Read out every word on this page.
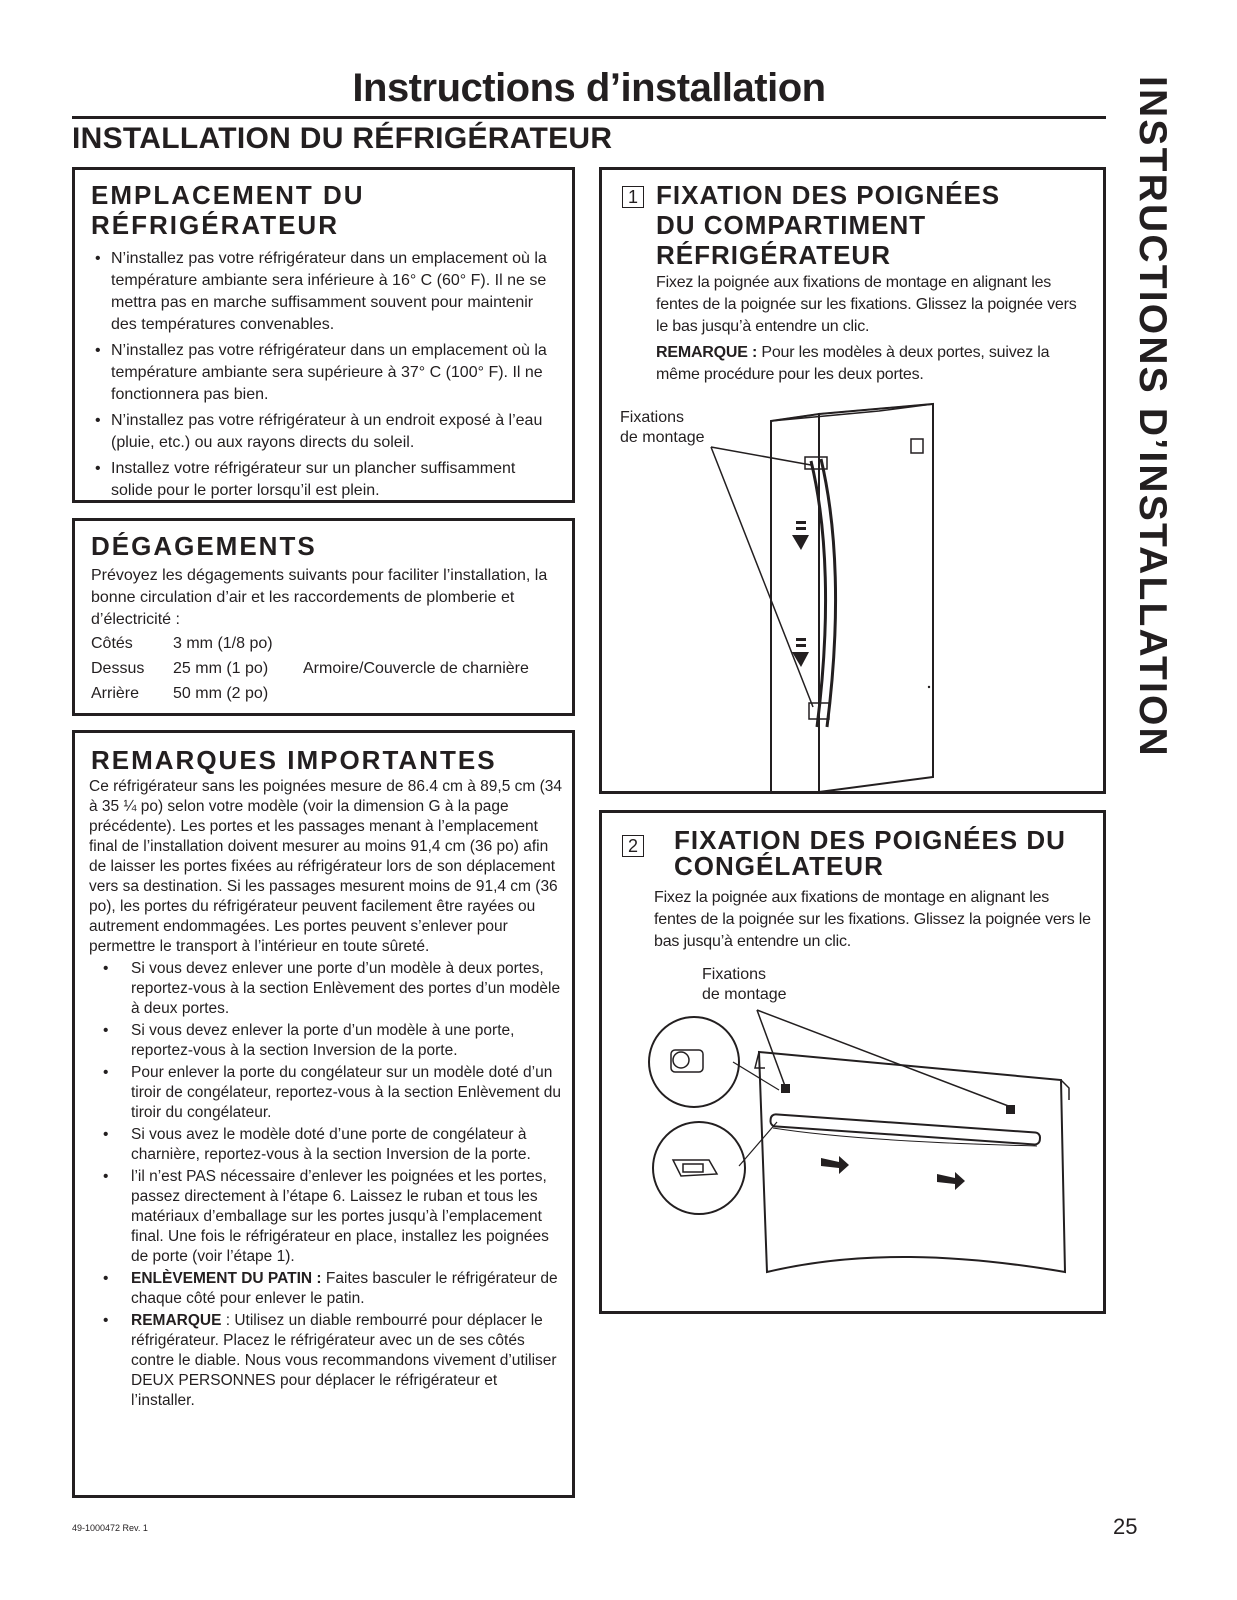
Instructions d’installation
INSTALLATION DU RÉFRIGÉRATEUR	INSTRUCTIONS D’INSTALLATION
EMPLACEMENT DU
RÉFRIGÉRATEUR
• N’installez pas votre réfrigérateur dans un emplacement où la température ambiante sera inférieure à 16° C (60° F). Il ne se mettra pas en marche suffisamment souvent pour maintenir des températures convenables.
• N’installez pas votre réfrigérateur dans un emplacement où la température ambiante sera supérieure à 37° C (100° F). Il ne fonctionnera pas bien.
• N’installez pas votre réfrigérateur à un endroit exposé à l’eau (pluie, etc.) ou aux rayons directs du soleil.
• Installez votre réfrigérateur sur un plancher suffisamment solide pour le porter lorsqu’il est plein.
DÉGAGEMENTS
Prévoyez les dégagements suivants pour faciliter l’installation, la bonne circulation d’air et les raccordements de plomberie et d’électricité :
Côtés	3 mm (1/8 po)	
Dessus	25 mm (1 po)	Armoire/Couvercle de charnière
Arrière	50 mm (2 po)	
REMARQUES IMPORTANTES
Ce réfrigérateur sans les poignées mesure de 86.4 cm à 89,5 cm (34 à 35 ¼ po) selon votre modèle (voir la dimension G à la page précédente). Les portes et les passages menant à l’emplacement final de l’installation doivent mesurer au moins 91,4 cm (36 po) afin de laisser les portes fixées au réfrigérateur lors de son déplacement vers sa destination. Si les passages mesurent moins de 91,4 cm (36 po), les portes du réfrigérateur peuvent facilement être rayées ou autrement endommagées. Les portes peuvent s’enlever pour permettre le transport à l’intérieur en toute sûreté.
• Si vous devez enlever une porte d’un modèle à deux portes, reportez-vous à la section Enlèvement des portes d’un modèle à deux portes.
• Si vous devez enlever la porte d’un modèle à une porte, reportez-vous à la section Inversion de la porte.
• Pour enlever la porte du congélateur sur un modèle doté d’un tiroir de congélateur, reportez-vous à la section Enlèvement du tiroir du congélateur.
• Si vous avez le modèle doté d’une porte de congélateur à charnière, reportez-vous à la section Inversion de la porte.
• l’il n’est PAS nécessaire d’enlever les poignées et les portes, passez directement à l’étape 6. Laissez le ruban et tous les matériaux d’emballage sur les portes jusqu’à l’emplacement final. Une fois le réfrigérateur en place, installez les poignées de porte (voir l’étape 1).
• ENLÈVEMENT DU PATIN : Faites basculer le réfrigérateur de chaque côté pour enlever le patin.
• REMARQUE : Utilisez un diable rembourré pour déplacer le réfrigérateur. Placez le réfrigérateur avec un de ses côtés contre le diable. Nous vous recommandons vivement d’utiliser DEUX PERSONNES pour déplacer le réfrigérateur et l’installer.
1 FIXATION DES POIGNÉES
DU COMPARTIMENT
RÉFRIGÉRATEUR
Fixez la poignée aux fixations de montage en alignant les fentes de la poignée sur les fixations. Glissez la poignée vers le bas jusqu’à entendre un clic.
REMARQUE : Pour les modèles à deux portes, suivez la même procédure pour les deux portes.
Fixations
de montage
2 FIXATION DES POIGNÉES DU
CONGÉLATEUR
Fixez la poignée aux fixations de montage en alignant les fentes de la poignée sur les fixations. Glissez la poignée vers le bas jusqu’à entendre un clic.
Fixations
de montage
49-1000472 Rev. 1	25
